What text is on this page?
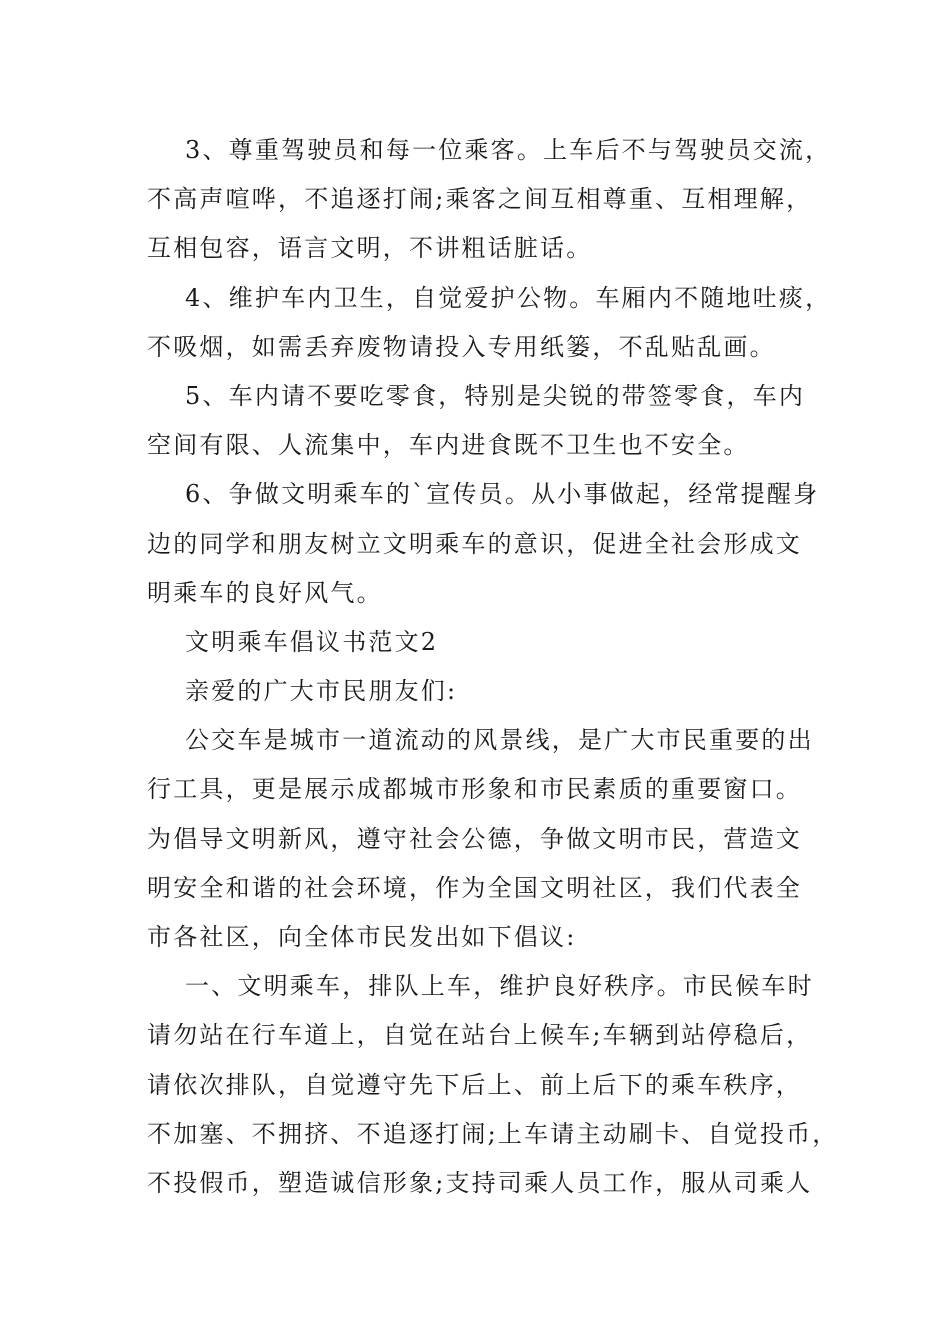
3、尊重驾驶员和每一位乘客。上车后不与驾驶员交流，
不高声喧哗，不追逐打闹;乘客之间互相尊重、互相理解，
互相包容，语言文明，不讲粗话脏话。
4、维护车内卫生，自觉爱护公物。车厢内不随地吐痰，
不吸烟，如需丢弃废物请投入专用纸篓，不乱贴乱画。
5、车内请不要吃零食，特别是尖锐的带签零食，车内
空间有限、人流集中，车内进食既不卫生也不安全。
6、争做文明乘车的`宣传员。从小事做起，经常提醒身
边的同学和朋友树立文明乘车的意识，促进全社会形成文
明乘车的良好风气。
文明乘车倡议书范文2
亲爱的广大市民朋友们:
公交车是城市一道流动的风景线，是广大市民重要的出
行工具，更是展示成都城市形象和市民素质的重要窗口。
为倡导文明新风，遵守社会公德，争做文明市民，营造文
明安全和谐的社会环境，作为全国文明社区，我们代表全
市各社区，向全体市民发出如下倡议:
一、文明乘车，排队上车，维护良好秩序。市民候车时
请勿站在行车道上，自觉在站台上候车;车辆到站停稳后，
请依次排队，自觉遵守先下后上、前上后下的乘车秩序，
不加塞、不拥挤、不追逐打闹;上车请主动刷卡、自觉投币，
不投假币，塑造诚信形象;支持司乘人员工作，服从司乘人
